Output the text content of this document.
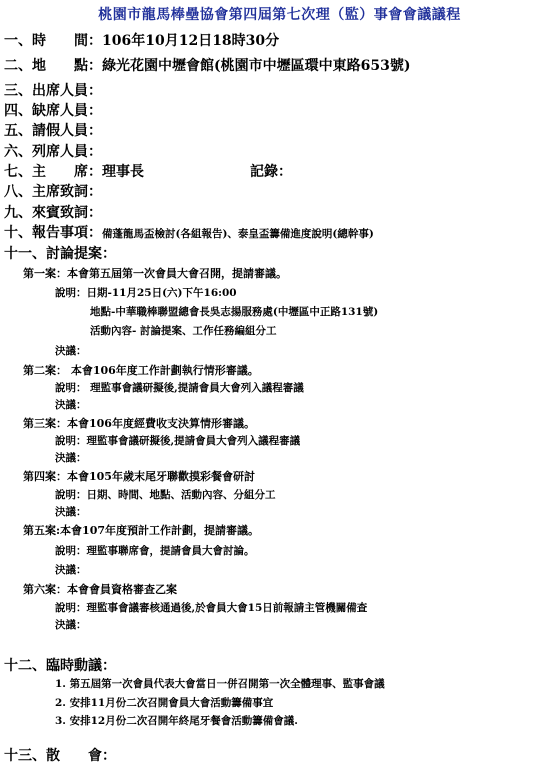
桃園市龍馬棒壘協會第四屆第七次理（監）事會會議議程
一、時　　間：106年10月12日18時30分
二、地　　點：綠光花園中壢會館(桃園市中壢區環中東路653號)
三、出席人員：
四、缺席人員：
五、請假人員：
六、列席人員：
七、主　　席：理事長	記錄：
八、主席致詞：
九、來賓致詞：
十、報告事項：備蓬龍馬盃檢討(各組報告)、泰皇盃籌備進度說明(總幹事)
十一、討論提案：
第一案：本會第五屆第一次會員大會召開，提請審議。
說明：日期-11月25日(六)下午16:00
地點-中華職棒聯盟總會長吳志揚服務處(中壢區中正路131號)
活動內容- 討論提案、工作任務編組分工
決議：
第二案： 本會106年度工作計劃執行情形審議。
說明： 理監事會議研擬後,提請會員大會列入議程審議
決議：
第三案：本會106年度經費收支決算情形審議。
說明：理監事會議研擬後,提請會員大會列入議程審議
決議：
第四案：本會105年歲末尾牙聯歡摸彩餐會研討
說明：日期、時間、地點、活動內容、分組分工
決議：
第五案:本會107年度預計工作計劃，提請審議。
說明：理監事聯席會，提請會員大會討論。
決議：
第六案：本會會員資格審查乙案
說明：理監事會議審核通過後,於會員大會15日前報請主管機關備查
決議：
十二、臨時動議：
1. 第五屆第一次會員代表大會當日一併召開第一次全體理事、監事會議
2. 安排11月份二次召開會員大會活動籌備事宜
3. 安排12月份二次召開年終尾牙餐會活動籌備會議.
十三、散　　會：
